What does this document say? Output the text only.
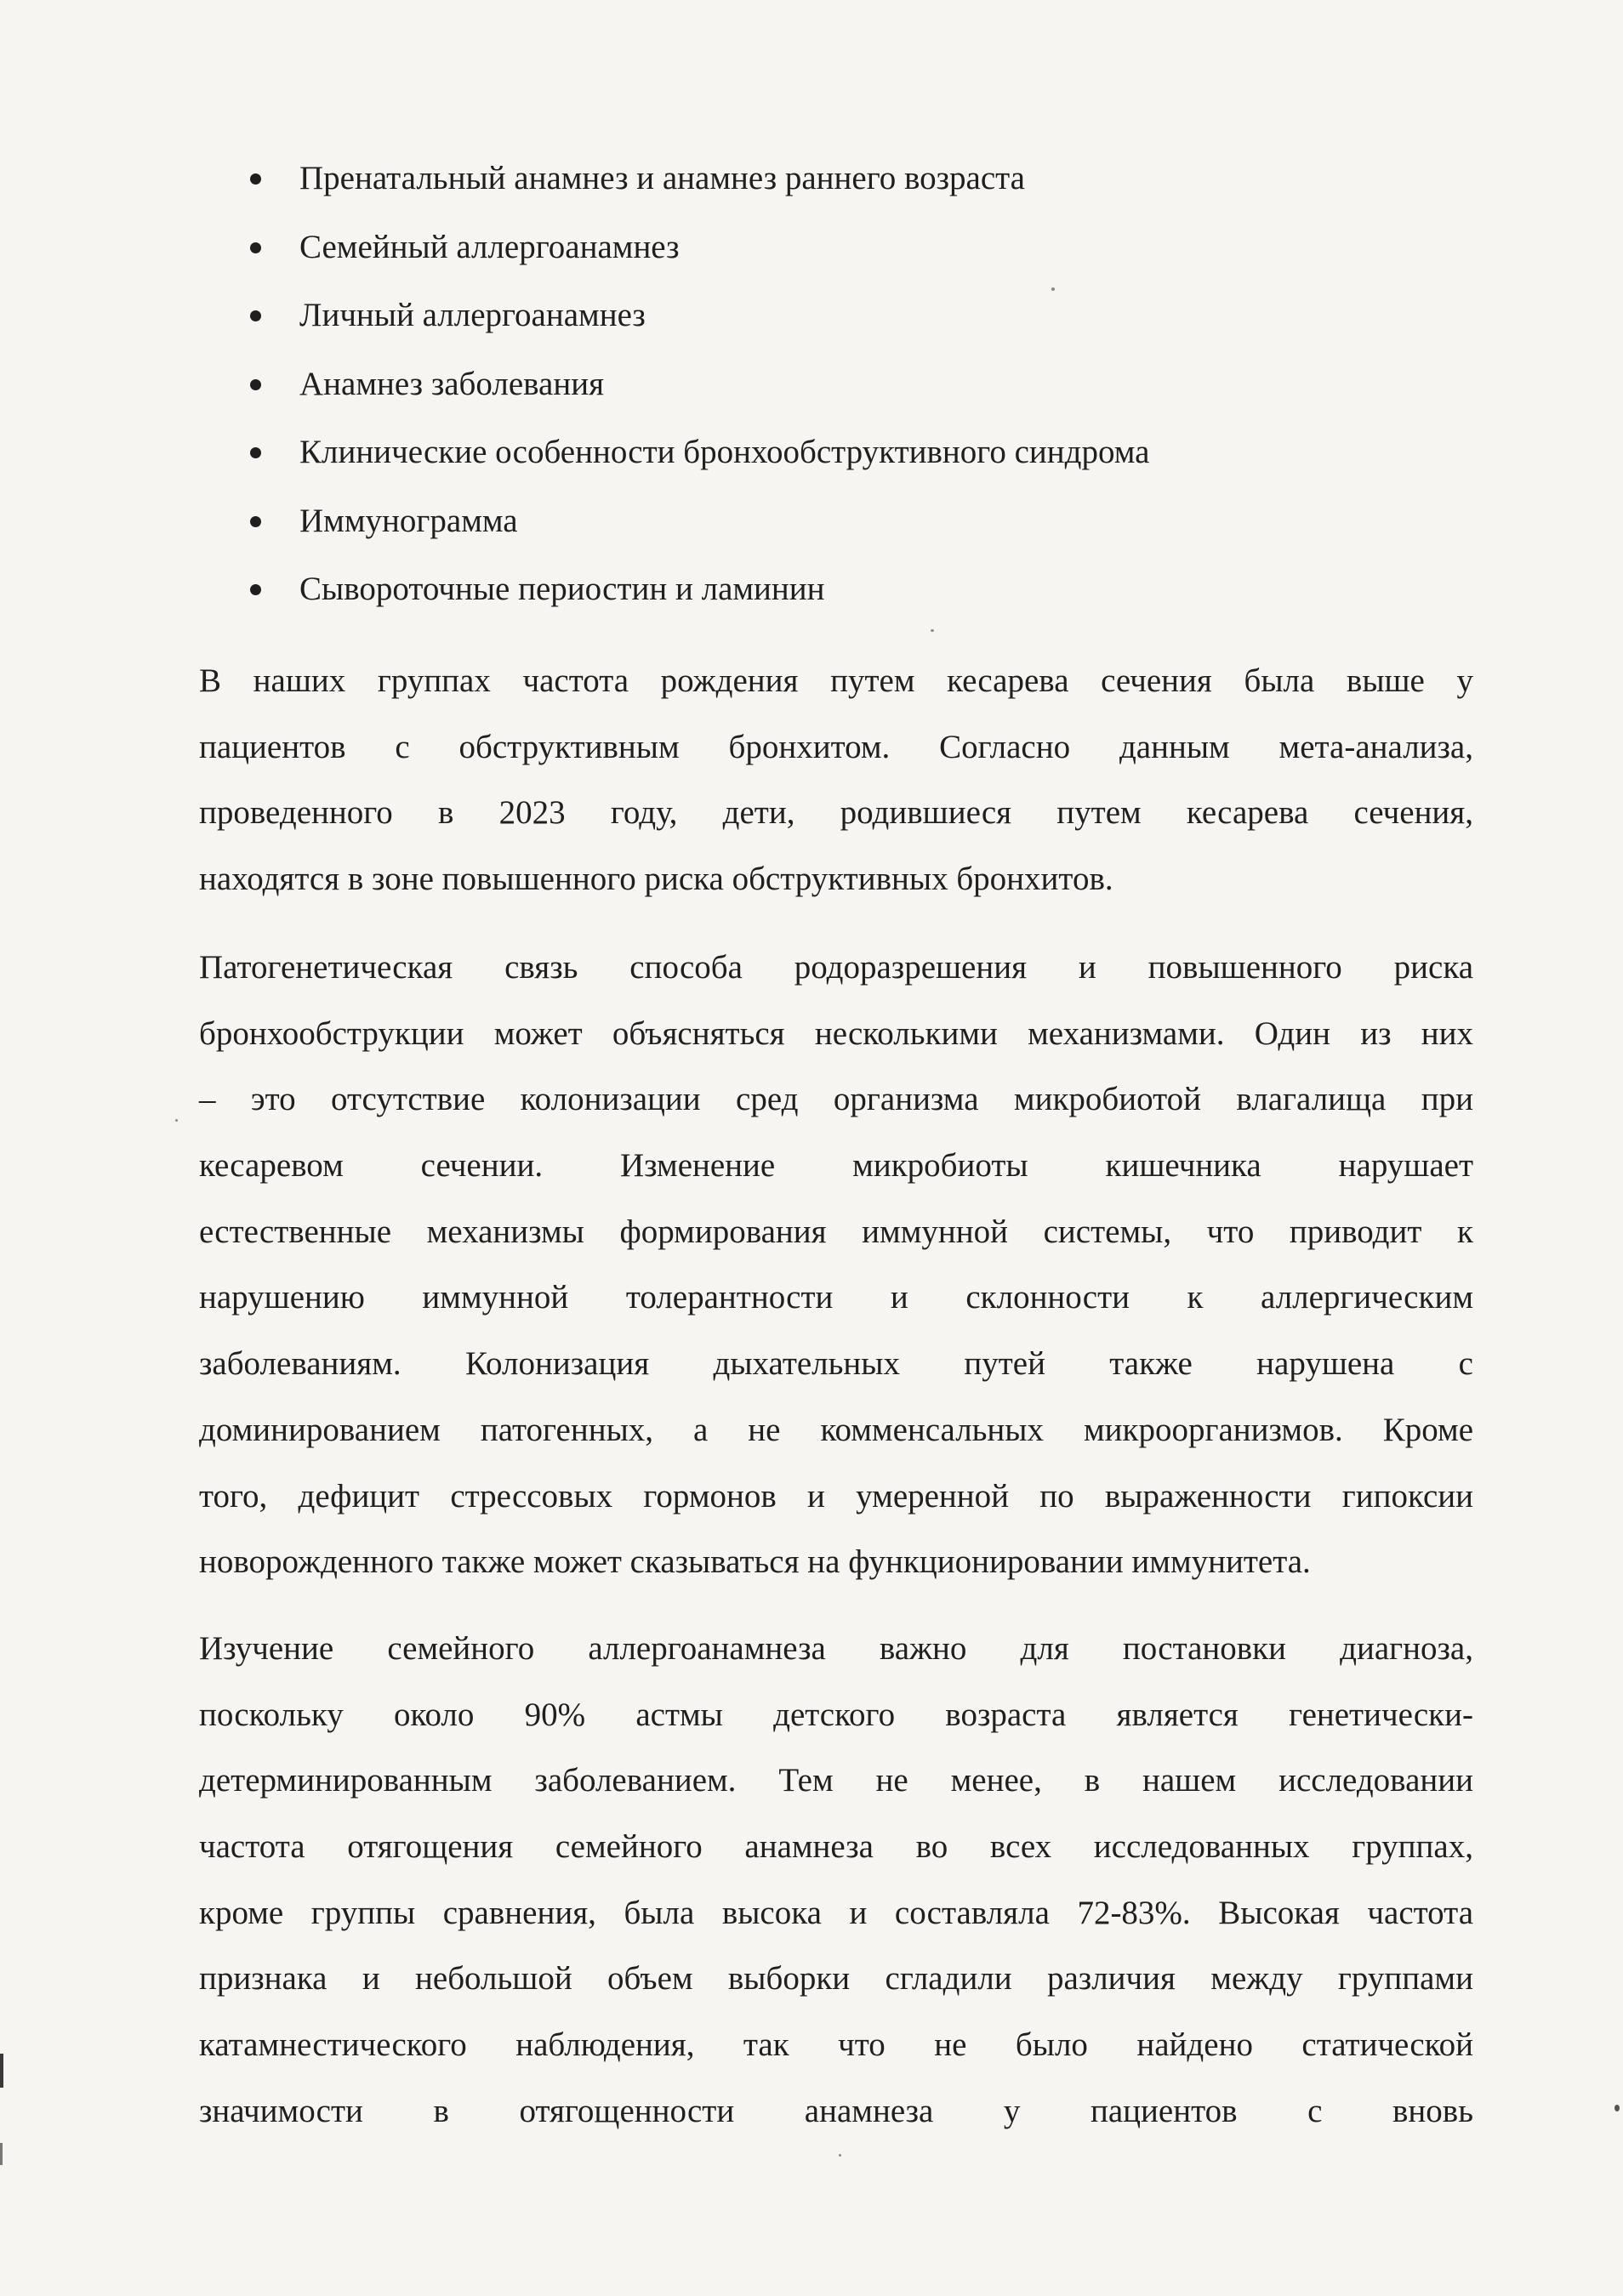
Пренатальный анамнез и анамнез раннего возраста
Семейный аллергоанамнез
Личный аллергоанамнез
Анамнез заболевания
Клинические особенности бронхообструктивного синдрома
Иммунограмма
Сывороточные периостин и ламинин
В наших группах частота рождения путем кесарева сечения была выше у
пациентов с обструктивным бронхитом. Согласно данным мета-анализа,
проведенного в 2023 году, дети, родившиеся путем кесарева сечения,
находятся в зоне повышенного риска обструктивных бронхитов.
Патогенетическая связь способа родоразрешения и повышенного риска
бронхообструкции может объясняться несколькими механизмами. Один из них
– это отсутствие колонизации сред организма микробиотой влагалища при
кесаревом сечении. Изменение микробиоты кишечника нарушает
естественные механизмы формирования иммунной системы, что приводит к
нарушению иммунной толерантности и склонности к аллергическим
заболеваниям. Колонизация дыхательных путей также нарушена с
доминированием патогенных, а не комменсальных микроорганизмов. Кроме
того, дефицит стрессовых гормонов и умеренной по выраженности гипоксии
новорожденного также может сказываться на функционировании иммунитета.
Изучение семейного аллергоанамнеза важно для постановки диагноза,
поскольку около 90% астмы детского возраста является генетически-
детерминированным заболеванием. Тем не менее, в нашем исследовании
частота отягощения семейного анамнеза во всех исследованных группах,
кроме группы сравнения, была высока и составляла 72-83%. Высокая частота
признака и небольшой объем выборки сгладили различия между группами
катамнестического наблюдения, так что не было найдено статической
значимости в отягощенности анамнеза у пациентов с вновь
